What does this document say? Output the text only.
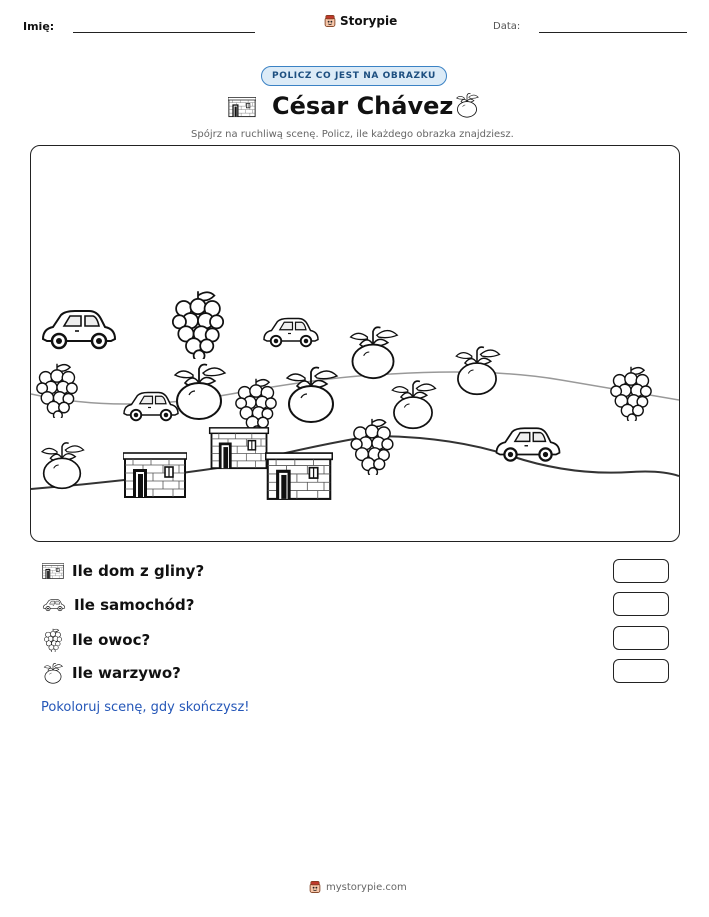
Imię:	Storypie	Data:
POLICZ CO JEST NA OBRAZKU
César Chávez
Spójrz na ruchliwą scenę. Policz, ile każdego obrazka znajdziesz.
Ile dom z gliny?
Ile samochód?
Ile owoc?
Ile warzywo?
Pokoloruj scenę, gdy skończysz!
mystorypie.com
